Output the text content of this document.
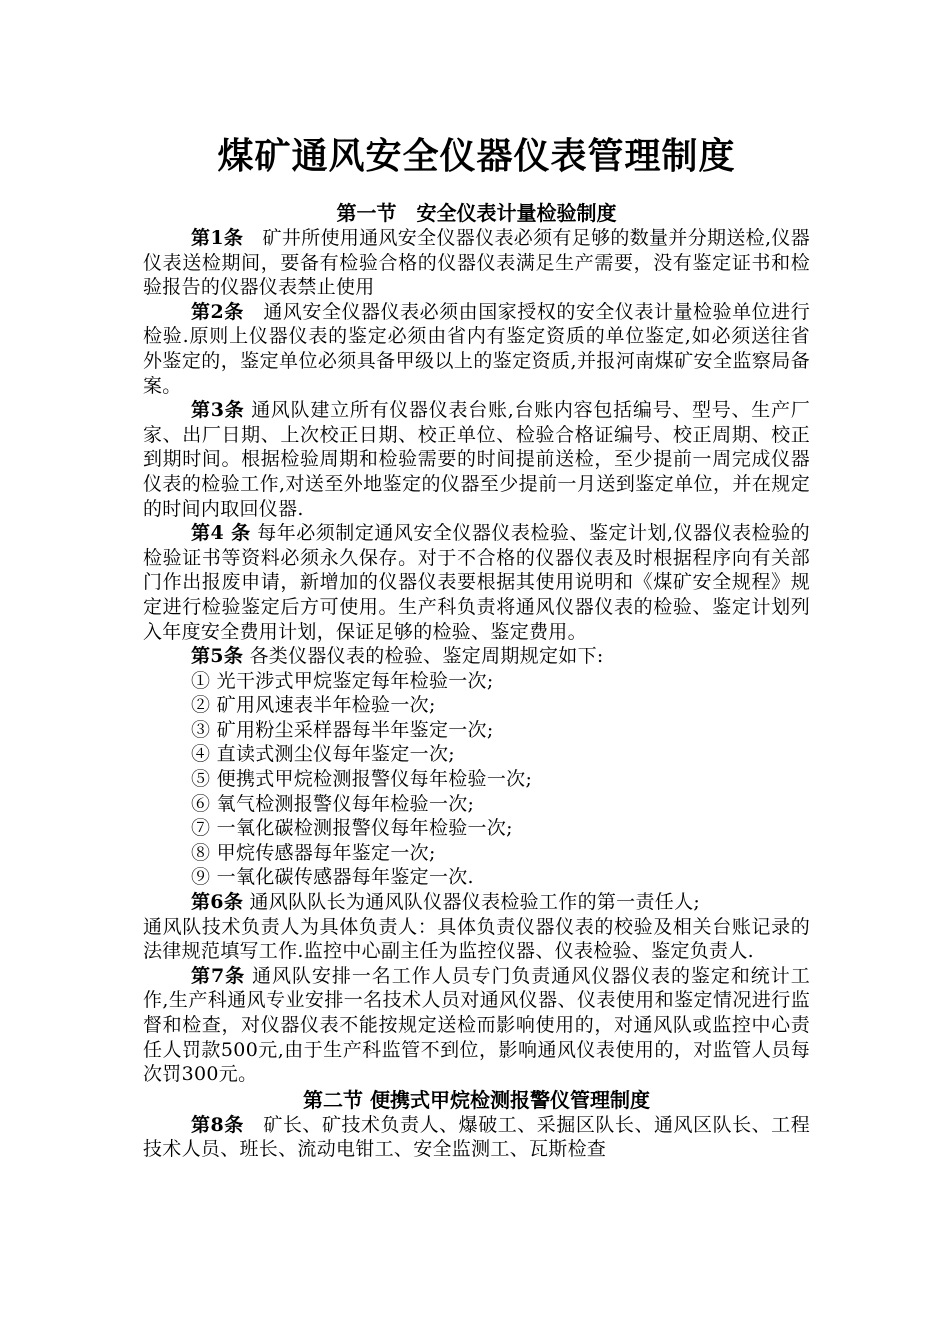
煤矿通风安全仪器仪表管理制度

第一节　安全仪表计量检验制度

第1条　矿井所使用通风安全仪器仪表必须有足够的数量并分期送检,仪器仪表送检期间，要备有检验合格的仪器仪表满足生产需要，没有鉴定证书和检验报告的仪器仪表禁止使用

第2条　通风安全仪器仪表必须由国家授权的安全仪表计量检验单位进行检验.原则上仪器仪表的鉴定必须由省内有鉴定资质的单位鉴定,如必须送往省外鉴定的，鉴定单位必须具备甲级以上的鉴定资质,并报河南煤矿安全监察局备案。

第3条 通风队建立所有仪器仪表台账,台账内容包括编号、型号、生产厂家、出厂日期、上次校正日期、校正单位、检验合格证编号、校正周期、校正到期时间。根据检验周期和检验需要的时间提前送检，至少提前一周完成仪器仪表的检验工作,对送至外地鉴定的仪器至少提前一月送到鉴定单位，并在规定的时间内取回仪器.

第4 条 每年必须制定通风安全仪器仪表检验、鉴定计划,仪器仪表检验的检验证书等资料必须永久保存。对于不合格的仪器仪表及时根据程序向有关部门作出报废申请，新增加的仪器仪表要根据其使用说明和《煤矿安全规程》规定进行检验鉴定后方可使用。生产科负责将通风仪器仪表的检验、鉴定计划列入年度安全费用计划，保证足够的检验、鉴定费用。

第5条 各类仪器仪表的检验、鉴定周期规定如下:

① 光干涉式甲烷鉴定每年检验一次;

② 矿用风速表半年检验一次;

③ 矿用粉尘采样器每半年鉴定一次;

④ 直读式测尘仪每年鉴定一次;

⑤ 便携式甲烷检测报警仪每年检验一次;

⑥ 氧气检测报警仪每年检验一次;

⑦ 一氧化碳检测报警仪每年检验一次;

⑧ 甲烷传感器每年鉴定一次;

⑨ 一氧化碳传感器每年鉴定一次.

第6条 通风队队长为通风队仪器仪表检验工作的第一责任人;

通风队技术负责人为具体负责人：具体负责仪器仪表的校验及相关台账记录的法律规范填写工作.监控中心副主任为监控仪器、仪表检验、鉴定负责人.

第7条 通风队安排一名工作人员专门负责通风仪器仪表的鉴定和统计工作,生产科通风专业安排一名技术人员对通风仪器、仪表使用和鉴定情况进行监督和检查，对仪器仪表不能按规定送检而影响使用的，对通风队或监控中心责任人罚款500元,由于生产科监管不到位，影响通风仪表使用的，对监管人员每次罚300元。

第二节 便携式甲烷检测报警仪管理制度

第8条　矿长、矿技术负责人、爆破工、采掘区队长、通风区队长、工程技术人员、班长、流动电钳工、安全监测工、瓦斯检查
